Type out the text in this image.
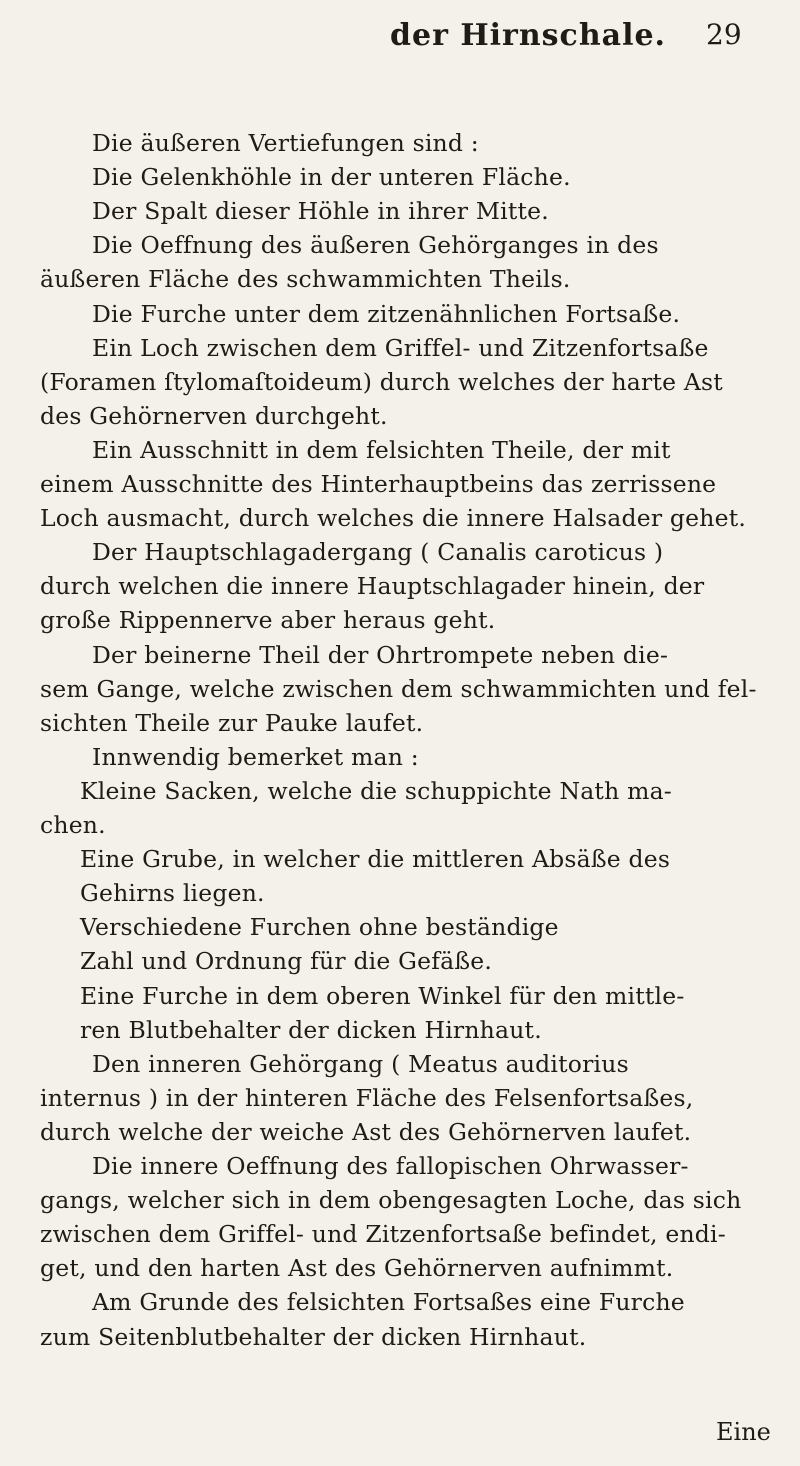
der Hirnschale. 29
Die äußeren Vertiefungen sind :
Die Gelenkhöhle in der unteren Fläche.
Der Spalt dieser Höhle in ihrer Mitte.
Die Oeffnung des äußeren Gehörganges in des
äußeren Fläche des schwammichten Theils.
Die Furche unter dem zitzenähnlichen Fortsaße.
Ein Loch zwischen dem Griffel- und Zitzenfortsaße
(Foramen ſtylomaſtoideum) durch welches der harte Ast
des Gehörnerven durchgeht.
Ein Ausschnitt in dem felsichten Theile, der mit
einem Ausschnitte des Hinterhauptbeins das zerrissene
Loch ausmacht, durch welches die innere Halsader gehet.
Der Hauptschlagadergang ( Canalis caroticus )
durch welchen die innere Hauptschlagader hinein, der
große Rippennerve aber heraus geht.
Der beinerne Theil der Ohrtrompete neben die-
sem Gange, welche zwischen dem schwammichten und fel-
sichten Theile zur Pauke laufet.
Innwendig bemerket man :
Kleine Sacken, welche die schuppichte Nath ma-
chen.
Eine Grube, in welcher die mittleren Absäße des
Gehirns liegen.
Verschiedene Furchen ohne beständige
Zahl und Ordnung für die Gefäße.
Eine Furche in dem oberen Winkel für den mittle-
ren Blutbehalter der dicken Hirnhaut.
Den inneren Gehörgang ( Meatus auditorius
internus ) in der hinteren Fläche des Felsenfortsaßes,
durch welche der weiche Ast des Gehörnerven laufet.
Die innere Oeffnung des fallopischen Ohrwasser-
gangs, welcher sich in dem obengesagten Loche, das sich
zwischen dem Griffel- und Zitzenfortsaße befindet, endi-
get, und den harten Ast des Gehörnerven aufnimmt.
Am Grunde des felsichten Fortsaßes eine Furche
zum Seitenblutbehalter der dicken Hirnhaut.
Eine
